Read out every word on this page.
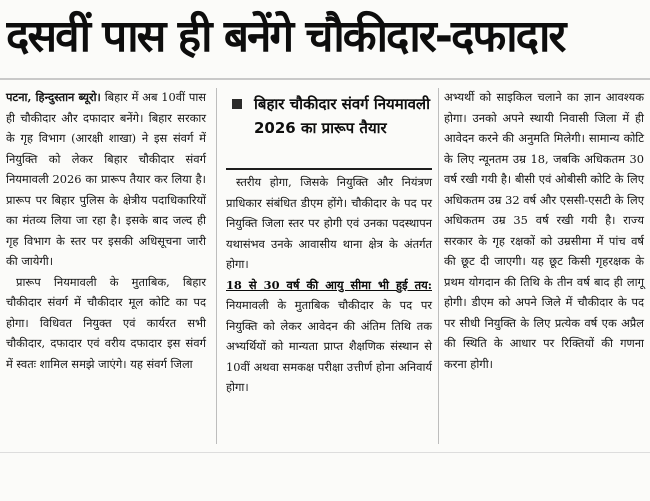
दसवीं पास ही बनेंगे चौकीदार-दफादार

पटना, हिन्दुस्तान ब्यूरो। बिहार में अब 10वीं पास ही चौकीदार और दफादार बनेंगे। बिहार सरकार के गृह विभाग (आरक्षी शाखा) ने इस संवर्ग में नियुक्ति को लेकर बिहार चौकीदार संवर्ग नियमावली 2026 का प्रारूप तैयार कर लिया है। प्रारूप पर बिहार पुलिस के क्षेत्रीय पदाधिकारियों का मंतव्य लिया जा रहा है। इसके बाद जल्द ही गृह विभाग के स्तर पर इसकी अधिसूचना जारी की जायेगी।

प्रारूप नियमावली के मुताबिक, बिहार चौकीदार संवर्ग में चौकीदार मूल कोटि का पद होगा। विधिवत नियुक्त एवं कार्यरत सभी चौकीदार, दफादार एवं वरीय दफादार इस संवर्ग में स्वतः शामिल समझे जाएंगे। यह संवर्ग जिला

बिहार चौकीदार संवर्ग नियमावली 2026 का प्रारूप तैयार

स्तरीय होगा, जिसके नियुक्ति और नियंत्रण प्राधिकार संबंधित डीएम होंगे। चौकीदार के पद पर नियुक्ति जिला स्तर पर होगी एवं उनका पदस्थापन यथासंभव उनके आवासीय थाना क्षेत्र के अंतर्गत होगा।

18 से 30 वर्ष की आयु सीमा भी हुई तय: नियमावली के मुताबिक चौकीदार के पद पर नियुक्ति को लेकर आवेदन की अंतिम तिथि तक अभ्यर्थियों को मान्यता प्राप्त शैक्षणिक संस्थान से 10वीं अथवा समकक्ष परीक्षा उत्तीर्ण होना अनिवार्य होगा।

अभ्यर्थी को साइकिल चलाने का ज्ञान आवश्यक होगा। उनको अपने स्थायी निवासी जिला में ही आवेदन करने की अनुमति मिलेगी। सामान्य कोटि के लिए न्यूनतम उम्र 18, जबकि अधिकतम 30 वर्ष रखी गयी है। बीसी एवं ओबीसी कोटि के लिए अधिकतम उम्र 32 वर्ष और एससी-एसटी के लिए अधिकतम उम्र 35 वर्ष रखी गयी है। राज्य सरकार के गृह रक्षकों को उम्रसीमा में पांच वर्ष की छूट दी जाएगी। यह छूट किसी गृहरक्षक के प्रथम योगदान की तिथि के तीन वर्ष बाद ही लागू होगी। डीएम को अपने जिले में चौकीदार के पद पर सीधी नियुक्ति के लिए प्रत्येक वर्ष एक अप्रैल की स्थिति के आधार पर रिक्तियों की गणना करना होगी।
